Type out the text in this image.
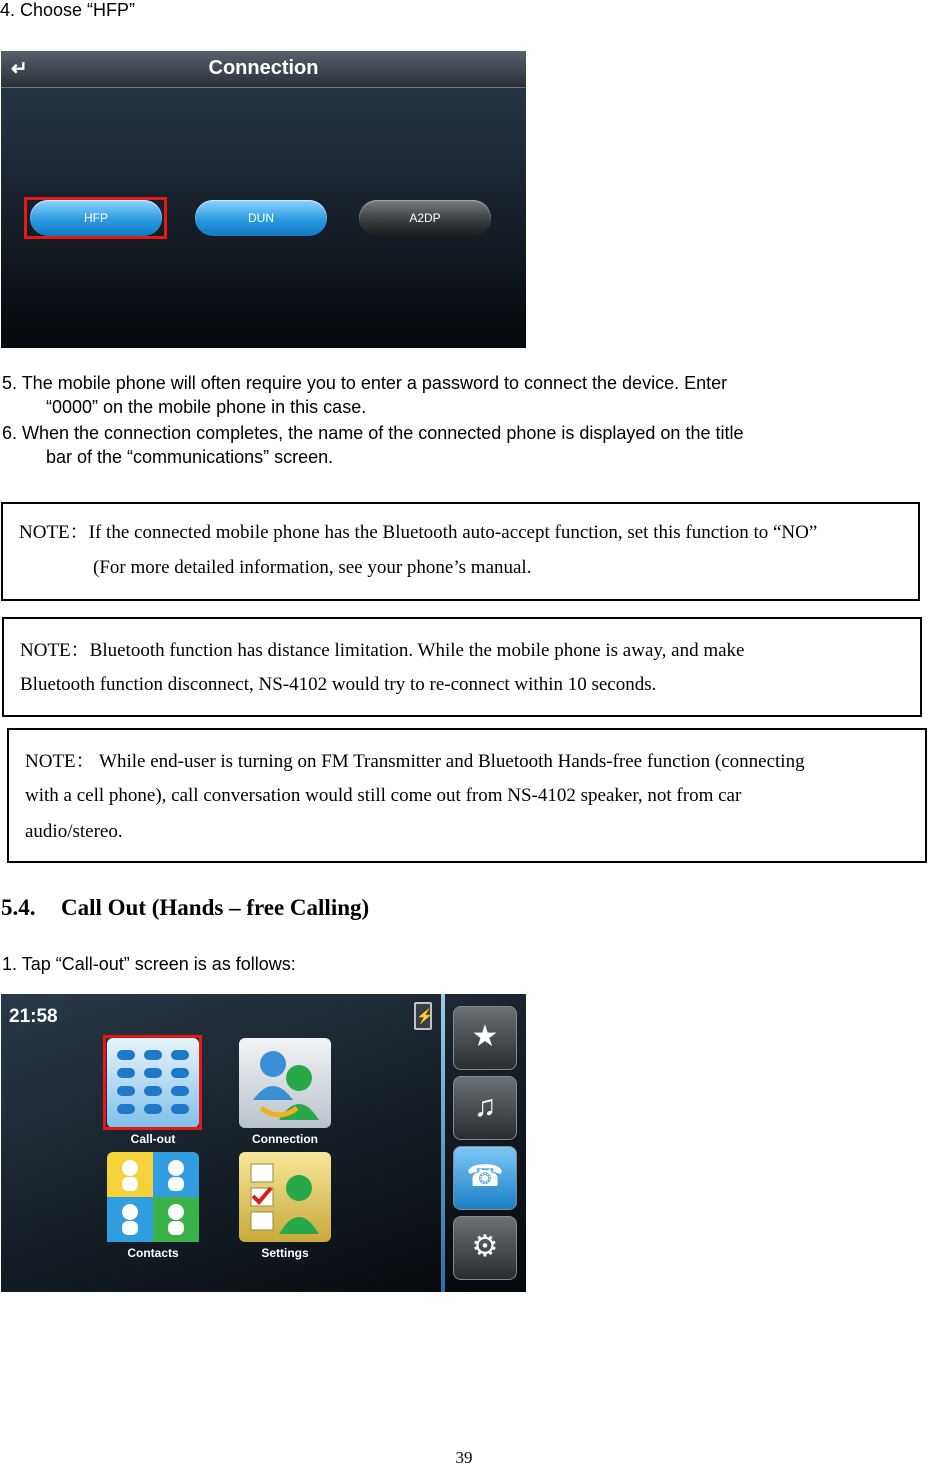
4. Choose “HFP”
↵	Connection
HFP	DUN	A2DP
5. The mobile phone will often require you to enter a password to connect the device. Enter
“0000” on the mobile phone in this case.
6. When the connection completes, the name of the connected phone is displayed on the title
bar of the “communications” screen.
NOTE：If the connected mobile phone has the Bluetooth auto-accept function, set this function to “NO”
(For more detailed information, see your phone’s manual.
NOTE：Bluetooth function has distance limitation. While the mobile phone is away, and make
Bluetooth function disconnect, NS-4102 would try to re-connect within 10 seconds.
NOTE： While end-user is turning on FM Transmitter and Bluetooth Hands-free function (connecting
with a cell phone), call conversation would still come out from NS-4102 speaker, not from car
audio/stereo.
5.4. Call Out (Hands – free Calling)
1. Tap “Call-out” screen is as follows:
21:58	⚡
Call-out	Connection
Contacts	Settings
★
♫
☎
⚙
39
